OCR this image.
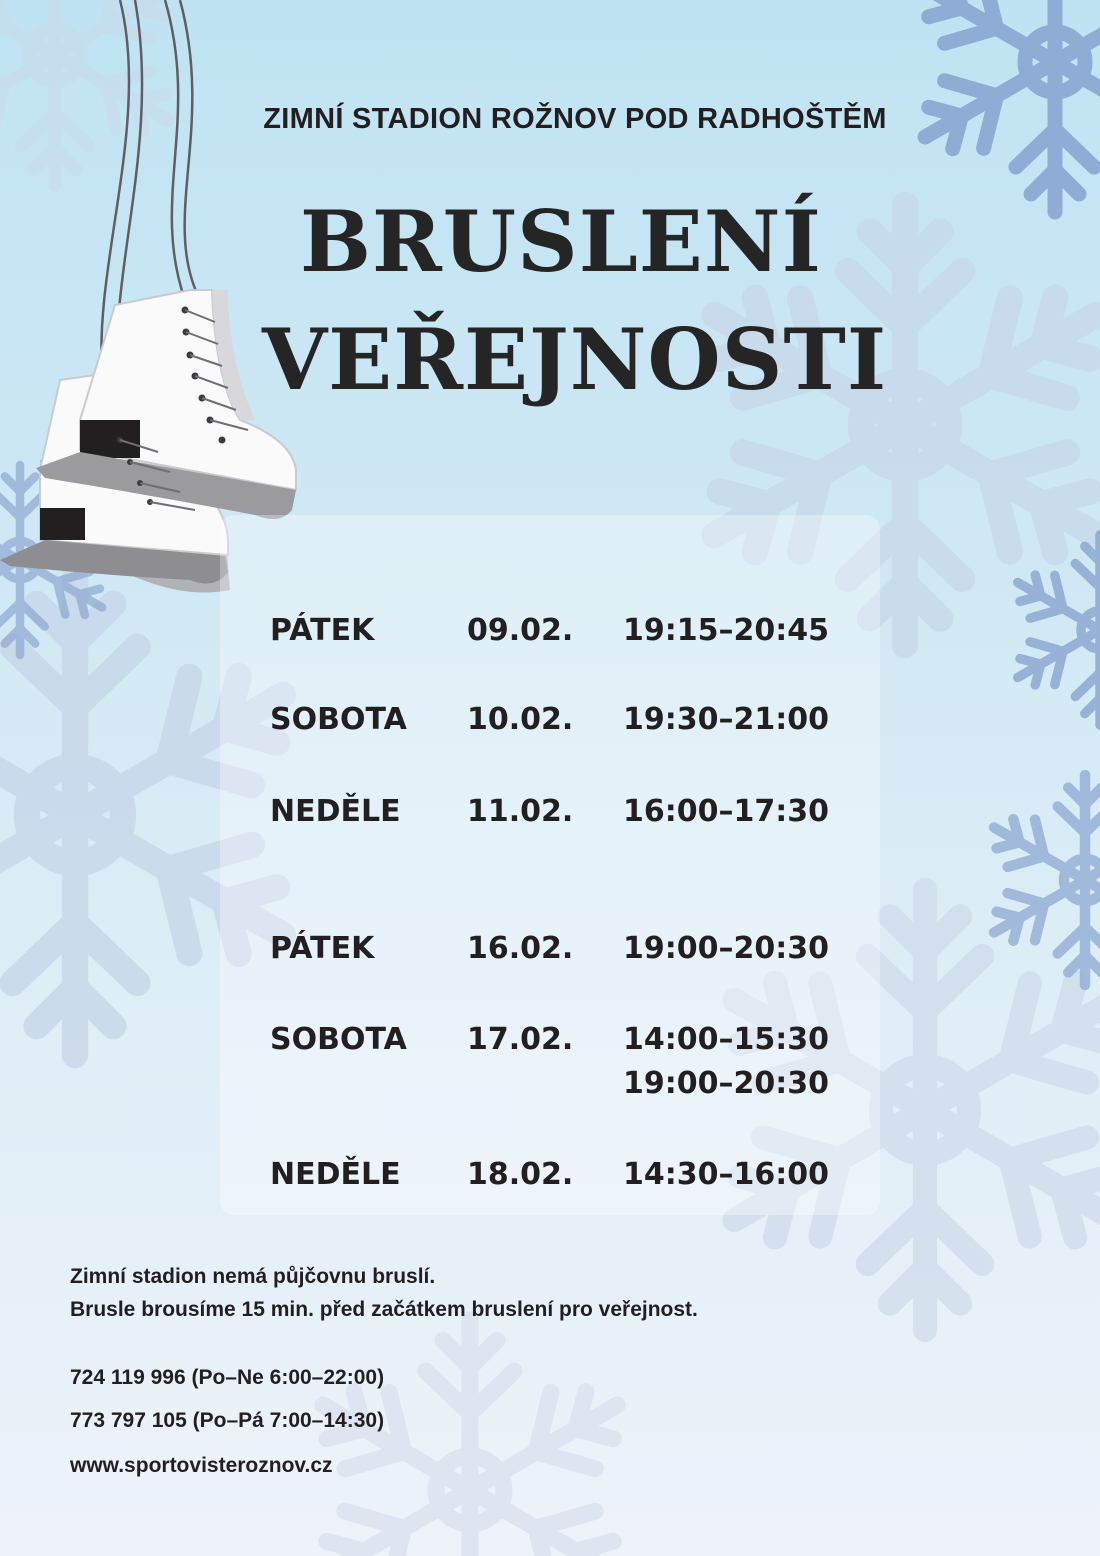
ZIMNÍ STADION ROŽNOV POD RADHOŠTĚM
BRUSLENÍ
VEŘEJNOSTI
PÁTEK	09.02. 19:15–20:45
SOBOTA 10.02. 19:30–21:00
NEDĚLE 11.02. 16:00–17:30
PÁTEK	16.02. 19:00–20:30
SOBOTA 17.02. 14:00–15:30
19:00–20:30
NEDĚLE 18.02. 14:30–16:00
Zimní stadion nemá půjčovnu bruslí.
Brusle brousíme 15 min. před začátkem bruslení pro veřejnost.
724 119 996 (Po–Ne 6:00–22:00)
773 797 105 (Po–Pá 7:00–14:30)
www.sportovisteroznov.cz
